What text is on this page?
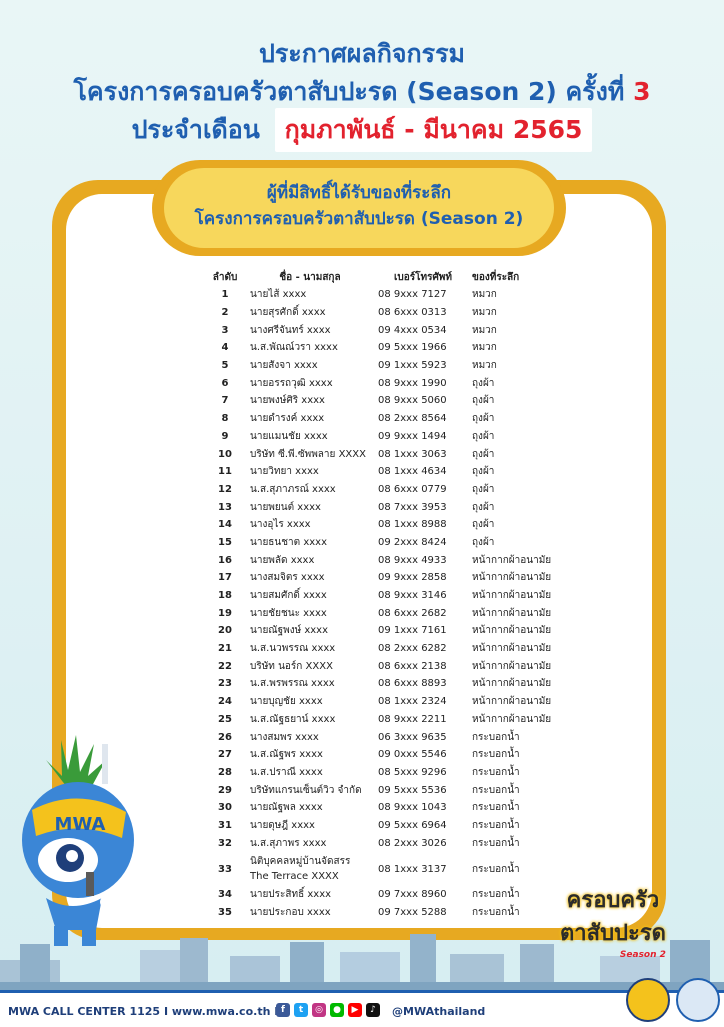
ประกาศผลกิจกรรม
โครงการครอบครัวตาสับปะรด (Season 2) ครั้งที่ 3
ประจำเดือน กุมภาพันธ์ - มีนาคม 2565
ผู้ที่มีสิทธิ์ได้รับของที่ระลึก
โครงการครอบครัวตาสับปะรด (Season 2)
ลำดับ	ชื่อ - นามสกุล	เบอร์โทรศัพท์	ของที่ระลึก
1	นายไส้ xxxx	08 9xxx 7127	หมวก
2	นายสุรศักดิ์ xxxx	08 6xxx 0313	หมวก
3	นางศรีจันทร์ xxxx	09 4xxx 0534	หมวก
4	น.ส.พัณณ์วรา xxxx	09 5xxx 1966	หมวก
5	นายสังจา xxxx	09 1xxx 5923	หมวก
6	นายอรรถวุฒิ xxxx	08 9xxx 1990	ถุงผ้า
7	นายพงษ์ศิริ xxxx	08 9xxx 5060	ถุงผ้า
8	นายดำรงค์ xxxx	08 2xxx 8564	ถุงผ้า
9	นายแมนชัย xxxx	09 9xxx 1494	ถุงผ้า
10	บริษัท ซี.พี.ซัพพลาย XXXX	08 1xxx 3063	ถุงผ้า
11	นายวิทยา xxxx	08 1xxx 4634	ถุงผ้า
12	น.ส.สุภาภรณ์ xxxx	08 6xxx 0779	ถุงผ้า
13	นายพยนต์ xxxx	08 7xxx 3953	ถุงผ้า
14	นางอุไร xxxx	08 1xxx 8988	ถุงผ้า
15	นายธนชาต xxxx	09 2xxx 8424	ถุงผ้า
16	นายพลัด xxxx	08 9xxx 4933	หน้ากากผ้าอนามัย
17	นางสมจิตร xxxx	09 9xxx 2858	หน้ากากผ้าอนามัย
18	นายสมศักดิ์ xxxx	08 9xxx 3146	หน้ากากผ้าอนามัย
19	นายชัยชนะ xxxx	08 6xxx 2682	หน้ากากผ้าอนามัย
20	นายณัฐพงษ์ xxxx	09 1xxx 7161	หน้ากากผ้าอนามัย
21	น.ส.นวพรรณ xxxx	08 2xxx 6282	หน้ากากผ้าอนามัย
22	บริษัท นอร์ก XXXX	08 6xxx 2138	หน้ากากผ้าอนามัย
23	น.ส.พรพรรณ xxxx	08 6xxx 8893	หน้ากากผ้าอนามัย
24	นายบุญชัย xxxx	08 1xxx 2324	หน้ากากผ้าอนามัย
25	น.ส.ณัฐธยาน์ xxxx	08 9xxx 2211	หน้ากากผ้าอนามัย
26	นางสมพร xxxx	06 3xxx 9635	กระบอกน้ำ
27	น.ส.ณัฐพร xxxx	09 0xxx 5546	กระบอกน้ำ
28	น.ส.ปราณี xxxx	08 5xxx 9296	กระบอกน้ำ
29	บริษัทแกรนเซ็นต์วิว จำกัด	09 5xxx 5536	กระบอกน้ำ
30	นายณัฐพล xxxx	08 9xxx 1043	กระบอกน้ำ
31	นายดุษฎี xxxx	09 5xxx 6964	กระบอกน้ำ
32	น.ส.สุภาพร xxxx	08 2xxx 3026	กระบอกน้ำ
33	นิติบุคคลหมู่บ้านจัดสรร
The Terrace XXXX	08 1xxx 3137	กระบอกน้ำ
34	นายประสิทธิ์ xxxx	09 7xxx 8960	กระบอกน้ำ
35	นายประกอบ xxxx	09 7xxx 5288	กระบอกน้ำ
MWA
ครอบครัว
ตาสับปะรด
Season 2
MWA CALL CENTER 1125 I www.mwa.co.th	f	t	◎	●	▶	♪	@MWAthailand
